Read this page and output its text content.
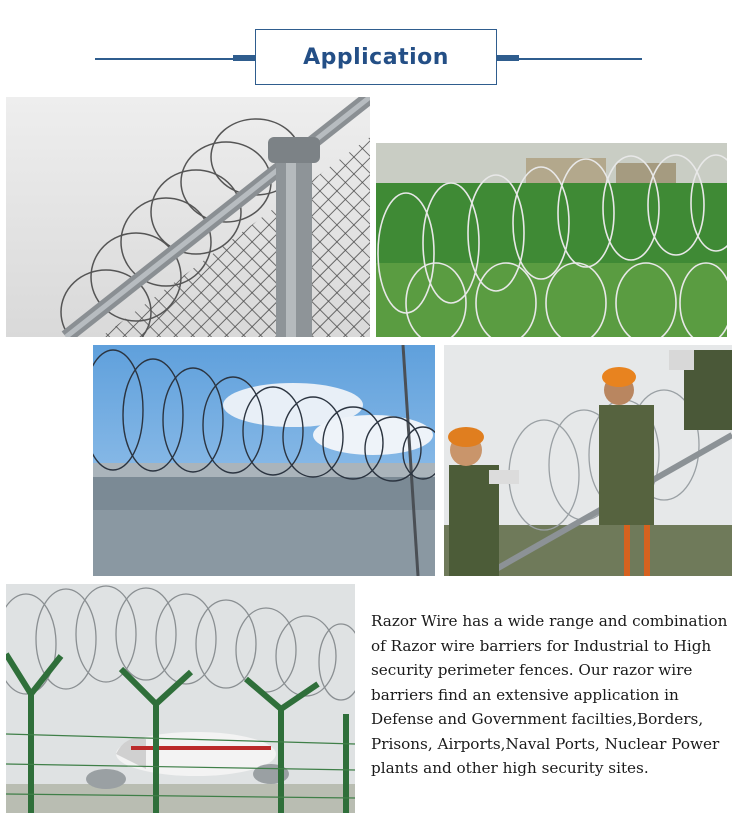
Application
Razor Wire has a wide range and combination
of Razor wire barriers for Industrial to High
security perimeter fences. Our razor wire
barriers find an extensive application in
Defense and Government facilties,Borders,
Prisons, Airports,Naval Ports, Nuclear Power
plants and other high security sites.
